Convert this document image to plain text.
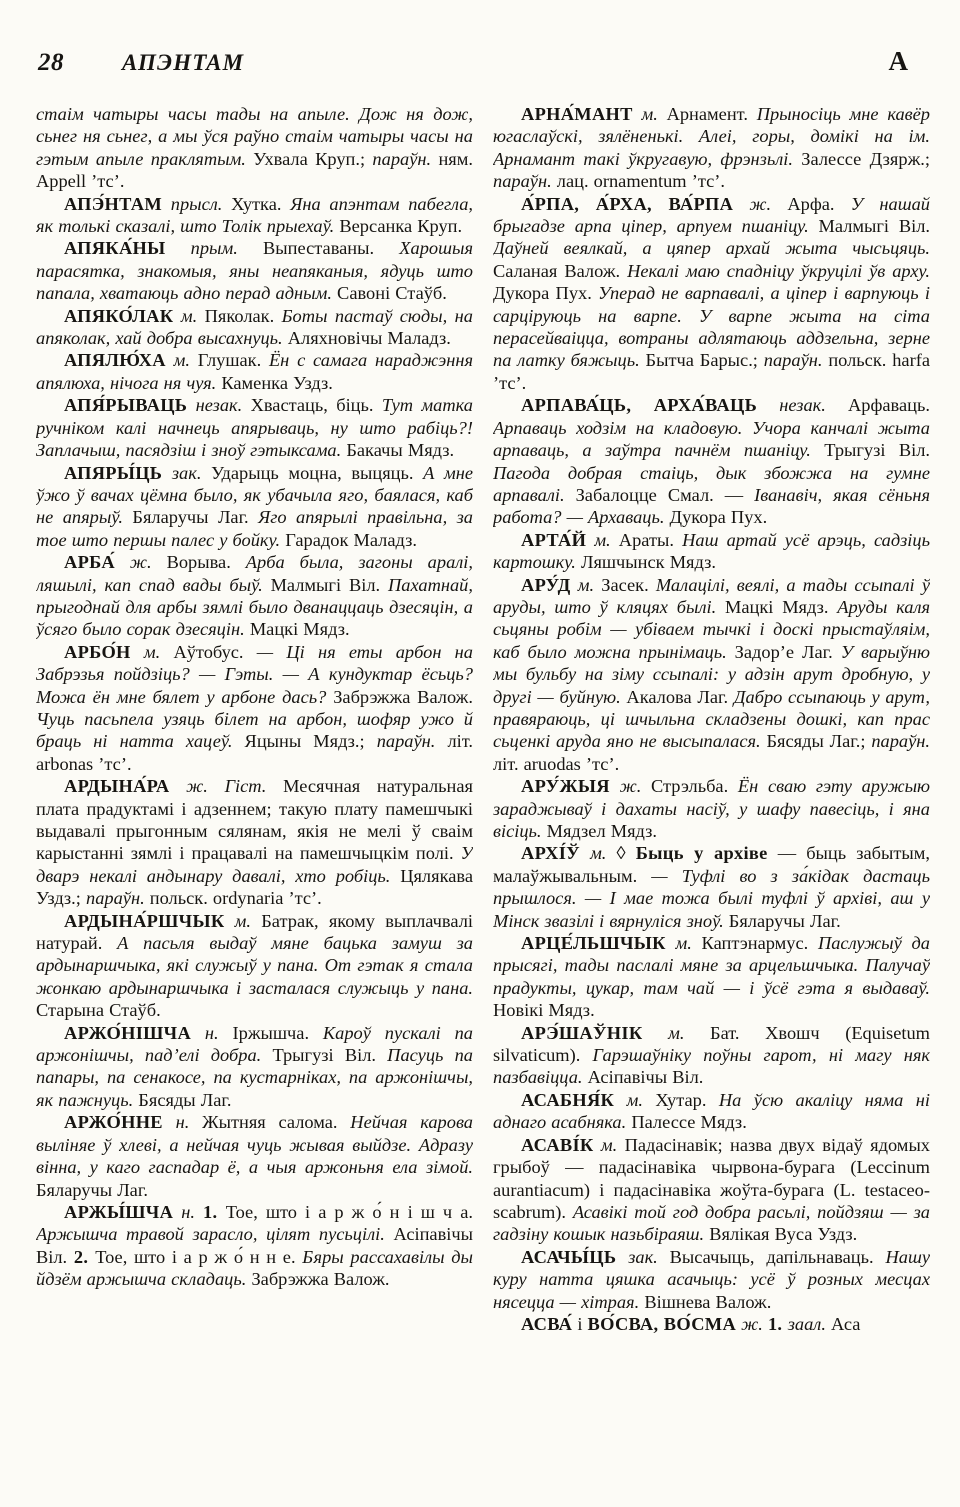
28	АПЭНТАМ	А

стаім чатыры часы тады на апыле. Дож ня дож, сьнег ня сьнег, а мы ўся раўно стаім чатыры часы на гэтым апыле праклятым. Ухвала Круп.; параўн. ням. Appell ’тс’.

АПЭ́НТАМ прысл. Хутка. Яна апэнтам пабегла, як толькі сказалі, што Толік прыехаў. Версанка Круп.

АПЯКА́НЫ прым. Выпеставаны. Харошыя парасятка, знакомыя, яны неапяканыя, ядуць што папала, хватаюць адно перад адным. Савоні Стаўб.

АПЯКО́ЛАК м. Пяколак. Боты пастаў сюды, на апяколак, хай добра высахнуць. Аляхновічы Маладз.

АПЯЛЮ́ХА м. Глушак. Ён с самага нараджэння апялюха, нічога ня чуя. Каменка Уздз.

АПЯ́РЫВАЦЬ незак. Хвастаць, біць. Тут матка ручніком калі начнець апярываць, ну што рабіць?! Заплачыш, пасядзіш і зноў гэтыксама. Бакачы Мядз.

АПЯРЫ́ЦЬ зак. Ударыць моцна, выцяць. А мне ўжо ў вачах цёмна было, як убачыла яго, баялася, каб не апярыў. Бяларучы Лаг. Яго апярылі правільна, за тое што першы палес у бойку. Гарадок Маладз.

АРБА́ ж. Ворыва. Арба была, загоны аралі, ляшылі, кап спад вады быў. Малмыгі Віл. Пахатнай, прыгоднай для арбы зямлі было дванаццаць дзесяцін, а ўсяго было сорак дзесяцін. Мацкі Мядз.

АРБО́Н м. Аўтобус. — Ці ня еты арбон на Забрэзья пойдзіць? — Гэты. — А кундуктар ёсьць? Можа ён мне бялет у арбоне дась? Забрэжжа Валож. Чуць пасьпела узяць білет на арбон, шофяр ужо й браць ні натта хацеў. Яцыны Мядз.; параўн. літ. arbonas ’тс’.

АРДЫНА́РА ж. Гіст. Месячная натуральная плата прадуктамі і адзеннем; такую плату памешчыкі выдавалі прыгонным сялянам, якія не мелі ў сваім карыстанні зямлі і працавалі на памешчыцкім полі. У дварэ некалі андынару давалі, хто робіць. Цялякава Уздз.; параўн. польск. ordynaria ’тс’.

АРДЫНА́РШЧЫК м. Батрак, якому выплачвалі натурай. А пасьля выдаў мяне бацька замуш за ардынаршчыка, які служыў у пана. От гэтак я стала жонкаю ардынаршчыка і засталася служыць у пана. Старына Стаўб.

АРЖО́НІШЧА н. Іржышча. Кароў пускалі па аржонішчы, пад’елі добра. Трыгузі Віл. Пасуць па папары, па сенакосе, па кустарніках, па аржонішчы, як пажнуць. Бясяды Лаг.

АРЖО́ННЕ н. Жытняя салома. Нейчая карова выліняе ў хлеві, а нейчая чуць жывая выйдзе. Адразу вінна, у каго гаспадар ё, а чыя аржоньня ела зімой. Бяларучы Лаг.

АРЖЫ́ШЧА н. 1. Тое, што і а р ж о́ н і ш ч а. Аржышча травой зарасло, цілят пусьцілі. Асіпавічы Віл. 2. Тое, што і а р ж о́ н н е. Бяры рассахавілы ды йдзём аржышча складаць. Забрэжжа Валож.

АРНА́МАНТ м. Арнамент. Прыносіць мне кавёр югаслаўскі, зялёненькі. Алеі, горы, домікі на ім. Арнамант такі ўкругавую, фрэнзьлі. Залессе Дзярж.; параўн. лац. ornamentum ’тс’.

А́РПА, А́РХА, ВА́РПА ж. Арфа. У нашай брыгадзе арпа ціпер, арпуем пшаніцу. Малмыгі Віл. Даўней веялкай, а цяпер архай жыта чысьцяць. Саланая Валож. Некалі маю спадніцу ўкруцілі ўв арху. Дукора Пух. Уперад не варпавалі, а ціпер і варпуюць і сарціруюць на варпе. У варпе жыта на сіта перасейваіцца, вотраны адлятаюць аддзельна, зерне па латку бяжыць. Бытча Барыс.; параўн. польск. harfa ’тс’.

АРПАВА́ЦЬ, АРХА́ВАЦЬ незак. Арфаваць. Арпаваць ходзім на кладовую. Учора канчалі жыта арпаваць, а заўтра пачнём пшаніцу. Трыгузі Віл. Пагода добрая стаіць, дык збожжа на гумне арпавалі. Забалоцце Смал. — Іванавіч, якая сёньня работа? — Архаваць. Дукора Пух.

АРТА́Й м. Араты. Наш артай усё арэць, садзіць картошку. Ляшчынск Мядз.

АРУ́Д м. Засек. Малацілі, веялі, а тады ссыпалі ў аруды, што ў кляцях былі. Мацкі Мядз. Аруды каля сьцяны робім — убіваем тычкі і доскі прыстаўляім, каб было можна прынімаць. Задор’е Лаг. У варыўню мы бульбу на зіму ссыпалі: у адзін арут дробную, у другі — буйную. Акалова Лаг. Дабро ссыпаюць у арут, правяраюць, ці шчыльна складзены дошкі, кап прас сьценкі аруда яно не высыпалася. Бясяды Лаг.; параўн. літ. aruodas ’тс’.

АРУ́ЖЫЯ ж. Стрэльба. Ён сваю гэту аружыю зараджываў і дахаты насіў, у шафу павесіць, і яна вісіць. Мядзел Мядз.

АРХІ́Ў м. ◊ Быць у архіве — быць забытым, малаўжывальным. — Туфлі во з за́кідак дастаць прышлося. — І мае тожа былі туфлі ў архіві, аш у Мінск звазілі і вярнуліся зноў. Бяларучы Лаг.

АРЦЕ́ЛЬШЧЫК м. Каптэнармус. Паслужыў да прысягі, тады паслалі мяне за арцельшчыка. Палучаў прадукты, цукар, там чай — і ўсё гэта я выдаваў. Новікі Мядз.

АРЭ́ШАЎНІК м. Бат. Хвошч (Equisetum silvaticum). Гарэшаўніку поўны гарот, ні магу няк пазбавіцца. Асіпавічы Віл.

АСАБНЯ́К м. Хутар. На ўсю акаліцу няма ні аднаго асабняка. Палессе Мядз.

АСАВІ́К м. Падасінавік; назва двух відаў ядомых грыбоў — падасінавіка чырвона-бурага (Leccinum aurantiacum) і падасінавіка жоўта-бурага (L. testaceo-scabrum). Асавікі той год добра расьлі, пойдзяш — за гадзіну кошык назьбіраяш. Вялікая Вуса Уздз.

АСАЧЫ́ЦЬ зак. Высачыць, дапільнаваць. Нашу куру натта цяшка асачыць: усё ў розных месцах нясецца — хітрая. Вішнева Валож.

АСВА́ і ВО́СВА, ВО́СМА ж. 1. заал. Аса
